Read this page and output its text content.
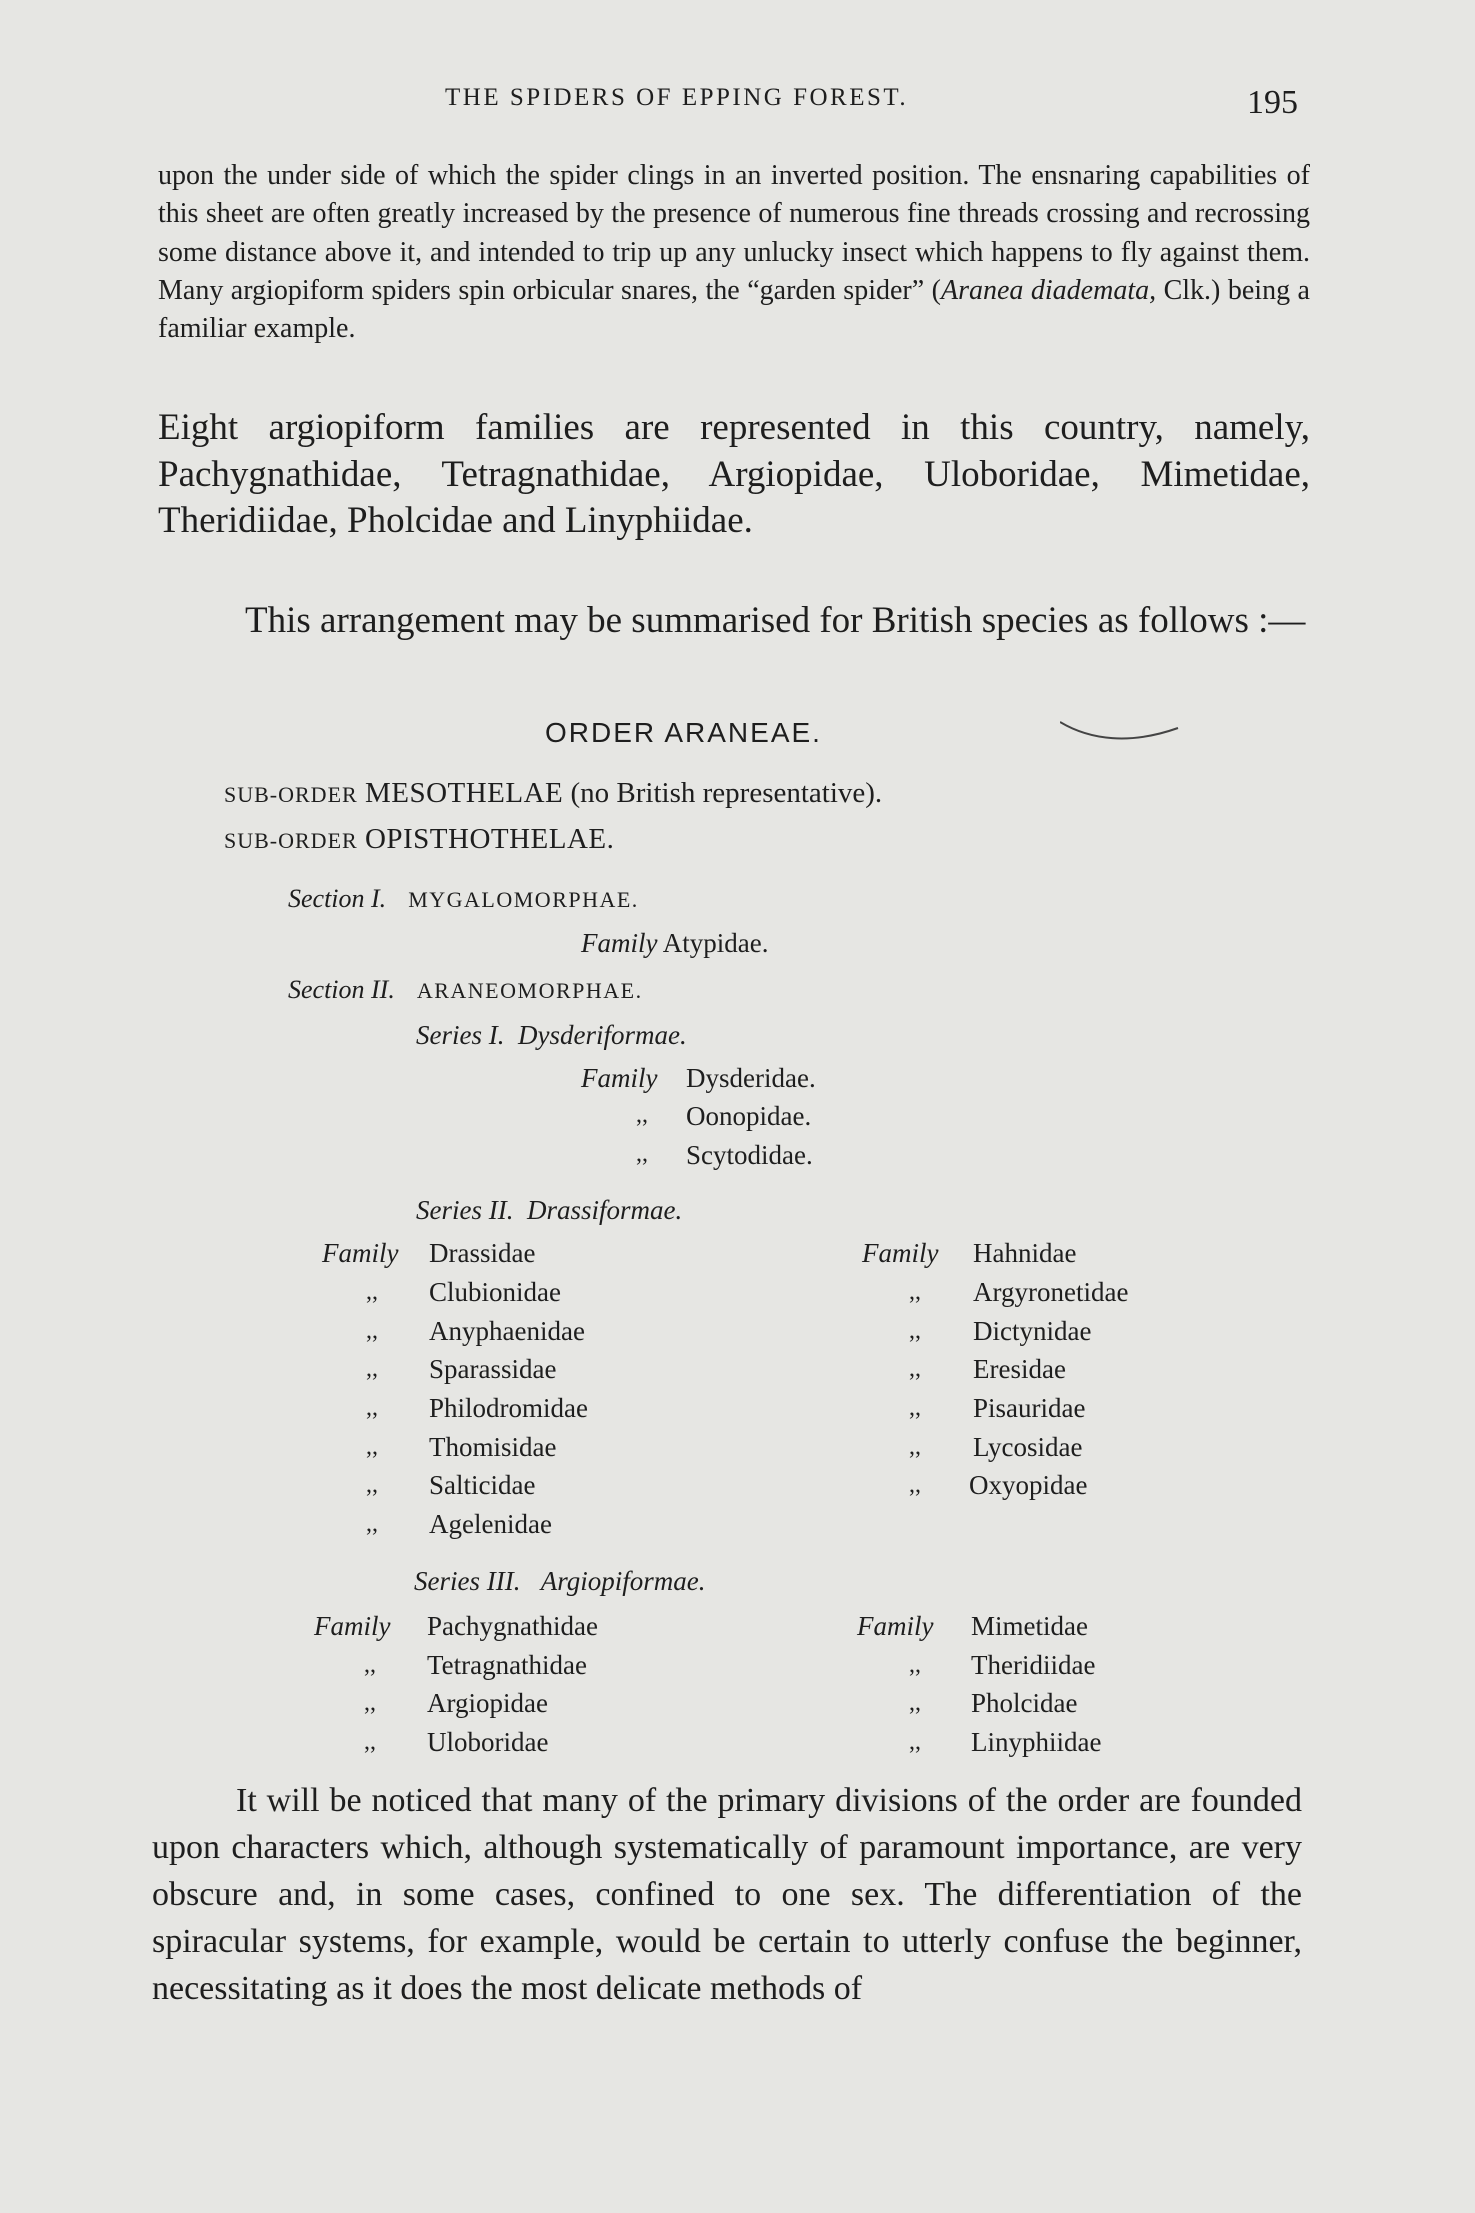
THE SPIDERS OF EPPING FOREST.	195
upon the under side of which the spider clings in an inverted position. The ensnaring capabilities of this sheet are often greatly increased by the presence of numerous fine threads crossing and recrossing some distance above it, and intended to trip up any unlucky insect which happens to fly against them. Many argiopiform spiders spin orbicular snares, the “garden spider” (Aranea diademata, Clk.) being a familiar example.
Eight argiopiform families are represented in this country, namely, Pachygnathidae, Tetragnathidae, Argiopidae, Uloboridae, Mimetidae, Theridiidae, Pholcidae and Linyphiidae.
This arrangement may be summarised for British species as follows :—
ORDER ARANEAE.
SUB-ORDER MESOTHELAE (no British representative).
SUB-ORDER OPISTHOTHELAE.
Section I. MYGALOMORPHAE.
Family Atypidae.
Section II. ARANEOMORPHAE.
Series I. Dysderiformae.
Family Dysderidae.
,, Oonopidae.
,, Scytodidae.
Series II. Drassiformae.
Family Drassidae
,, Clubionidae
,, Anyphaenidae
,, Sparassidae
,, Philodromidae
,, Thomisidae
,, Salticidae
,, Agelenidae
Family Hahnidae
,, Argyronetidae
,, Dictynidae
,, Eresidae
,, Pisauridae
,, Lycosidae
,, Oxyopidae
Series III. Argiopiformae.
Family Pachygnathidae
,, Tetragnathidae
,, Argiopidae
,, Uloboridae
Family Mimetidae
,, Theridiidae
,, Pholcidae
,, Linyphiidae
It will be noticed that many of the primary divisions of the order are founded upon characters which, although systematically of paramount importance, are very obscure and, in some cases, confined to one sex. The differentiation of the spiracular systems, for example, would be certain to utterly confuse the beginner, necessitating as it does the most delicate methods of
